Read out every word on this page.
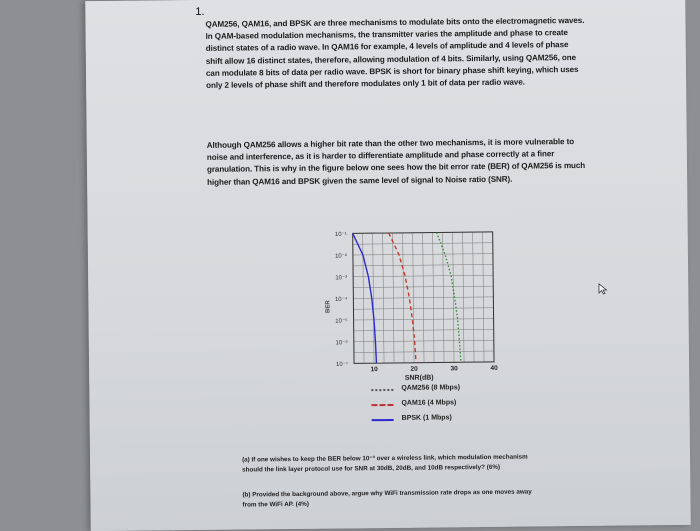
1.
QAM256, QAM16, and BPSK are three mechanisms to modulate bits onto the electromagnetic waves. In QAM-based modulation mechanisms, the transmitter varies the amplitude and phase to create distinct states of a radio wave. In QAM16 for example, 4 levels of amplitude and 4 levels of phase shift allow 16 distinct states, therefore, allowing modulation of 4 bits. Similarly, using QAM256, one can modulate 8 bits of data per radio wave. BPSK is short for binary phase shift keying, which uses only 2 levels of phase shift and therefore modulates only 1 bit of data per radio wave.
Although QAM256 allows a higher bit rate than the other two mechanisms, it is more vulnerable to noise and interference, as it is harder to differentiate amplitude and phase correctly at a finer granulation. This is why in the figure below one sees how the bit error rate (BER) of QAM256 is much higher than QAM16 and BPSK given the same level of signal to Noise ratio (SNR).
10⁻¹
10⁻²
10⁻³
10⁻⁴
10⁻⁵
10⁻⁶
10⁻⁷
10	20	30	40
SNR(dB)
BER
QAM256 (8 Mbps)
QAM16 (4 Mbps)
BPSK (1 Mbps)
(a) If one wishes to keep the BER below 10⁻³ over a wireless link, which modulation mechanism should the link layer protocol use for SNR at 30dB, 20dB, and 10dB respectively? (6%)
(b) Provided the background above, argue why WiFi transmission rate drops as one moves away from the WiFi AP. (4%)
